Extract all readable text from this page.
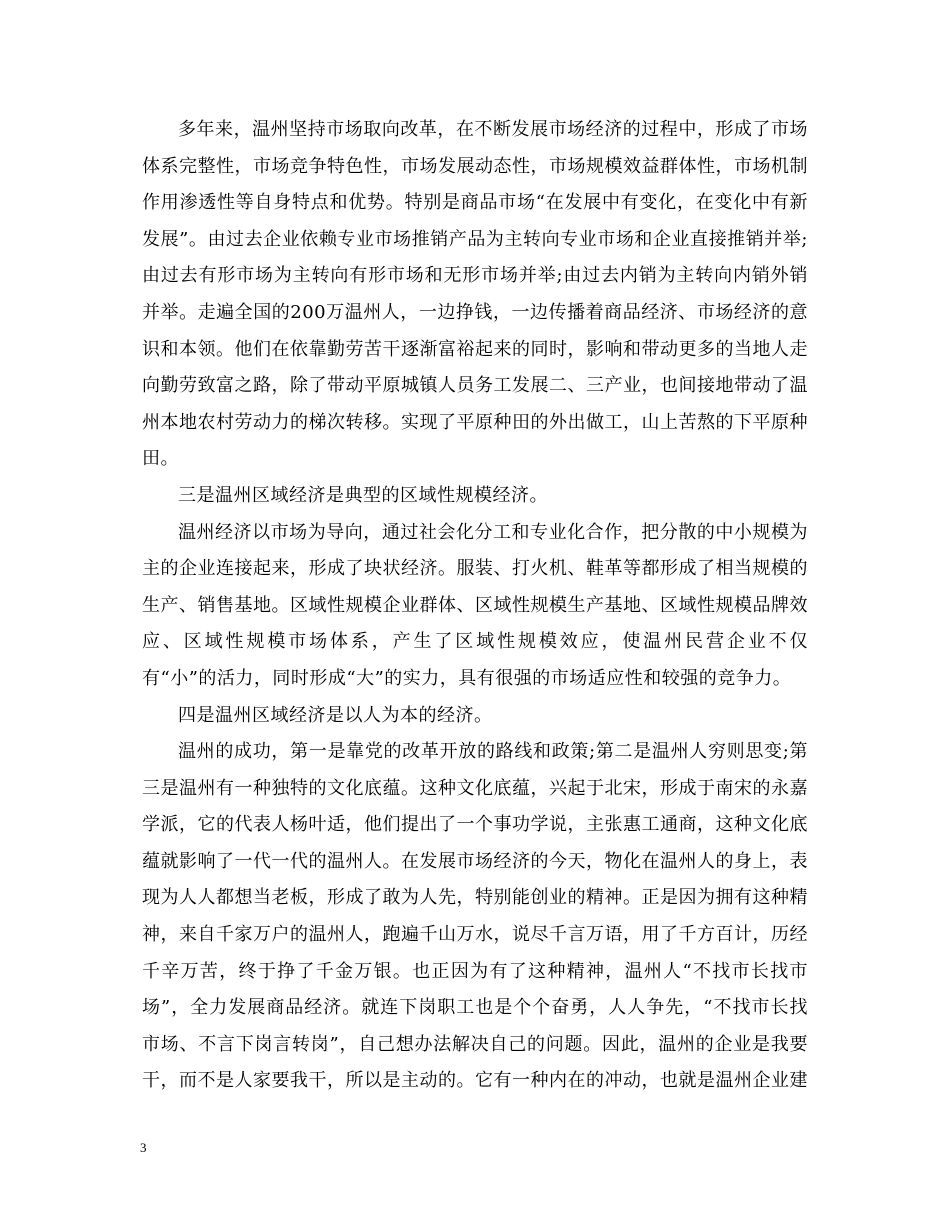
多年来，温州坚持市场取向改革，在不断发展市场经济的过程中，形成了市场体系完整性，市场竞争特色性，市场发展动态性，市场规模效益群体性，市场机制作用渗透性等自身特点和优势。特别是商品市场“在发展中有变化，在变化中有新发展”。由过去企业依赖专业市场推销产品为主转向专业市场和企业直接推销并举;由过去有形市场为主转向有形市场和无形市场并举;由过去内销为主转向内销外销并举。走遍全国的200万温州人，一边挣钱，一边传播着商品经济、市场经济的意识和本领。他们在依靠勤劳苦干逐渐富裕起来的同时，影响和带动更多的当地人走向勤劳致富之路，除了带动平原城镇人员务工发展二、三产业，也间接地带动了温州本地农村劳动力的梯次转移。实现了平原种田的外出做工，山上苦熬的下平原种田。

三是温州区域经济是典型的区域性规模经济。

温州经济以市场为导向，通过社会化分工和专业化合作，把分散的中小规模为主的企业连接起来，形成了块状经济。服装、打火机、鞋革等都形成了相当规模的生产、销售基地。区域性规模企业群体、区域性规模生产基地、区域性规模品牌效应、区域性规模市场体系，产生了区域性规模效应，使温州民营企业不仅有“小”的活力，同时形成“大”的实力，具有很强的市场适应性和较强的竞争力。

四是温州区域经济是以人为本的经济。

温州的成功，第一是靠党的改革开放的路线和政策;第二是温州人穷则思变;第三是温州有一种独特的文化底蕴。这种文化底蕴，兴起于北宋，形成于南宋的永嘉学派，它的代表人杨叶适，他们提出了一个事功学说，主张惠工通商，这种文化底蕴就影响了一代一代的温州人。在发展市场经济的今天，物化在温州人的身上，表现为人人都想当老板，形成了敢为人先，特别能创业的精神。正是因为拥有这种精神，来自千家万户的温州人，跑遍千山万水，说尽千言万语，用了千方百计，历经千辛万苦，终于挣了千金万银。也正因为有了这种精神，温州人“不找市长找市场”，全力发展商品经济。就连下岗职工也是个个奋勇，人人争先，“不找市长找市场、不言下岗言转岗”，自己想办法解决自己的问题。因此，温州的企业是我要干，而不是人家要我干，所以是主动的。它有一种内在的冲动，也就是温州企业建

3
